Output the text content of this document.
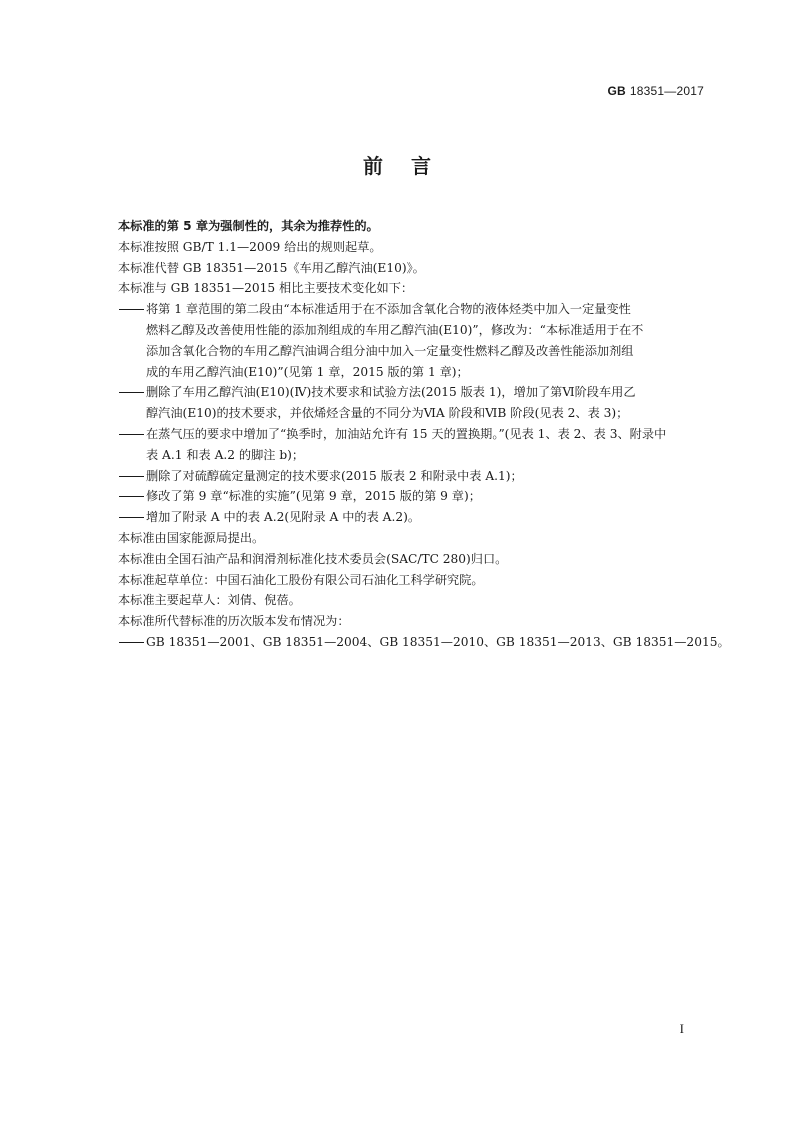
GB 18351—2017
前言

本标准的第 5 章为强制性的，其余为推荐性的。

本标准按照 GB/T 1.1—2009 给出的规则起草。

本标准代替 GB 18351—2015《车用乙醇汽油(E10)》。

本标准与 GB 18351—2015 相比主要技术变化如下：

将第 1 章范围的第二段由“本标准适用于在不添加含氧化合物的液体烃类中加入一定量变性
燃料乙醇及改善使用性能的添加剂组成的车用乙醇汽油(E10)”，修改为：“本标准适用于在不
添加含氧化合物的车用乙醇汽油调合组分油中加入一定量变性燃料乙醇及改善性能添加剂组
成的车用乙醇汽油(E10)”(见第 1 章，2015 版的第 1 章)；
删除了车用乙醇汽油(E10)(Ⅳ)技术要求和试验方法(2015 版表 1)，增加了第Ⅵ阶段车用乙
醇汽油(E10)的技术要求，并依烯烃含量的不同分为ⅥA 阶段和ⅥB 阶段(见表 2、表 3)；
在蒸气压的要求中增加了“换季时，加油站允许有 15 天的置换期。”(见表 1、表 2、表 3、附录中
表 A.1 和表 A.2 的脚注 b)；
删除了对硫醇硫定量测定的技术要求(2015 版表 2 和附录中表 A.1)；
修改了第 9 章“标准的实施”(见第 9 章，2015 版的第 9 章)；
增加了附录 A 中的表 A.2(见附录 A 中的表 A.2)。

本标准由国家能源局提出。

本标准由全国石油产品和润滑剂标准化技术委员会(SAC/TC 280)归口。

本标准起草单位：中国石油化工股份有限公司石油化工科学研究院。

本标准主要起草人：刘倩、倪蓓。

本标准所代替标准的历次版本发布情况为：

GB 18351—2001、GB 18351—2004、GB 18351—2010、GB 18351—2013、GB 18351—2015。
I
